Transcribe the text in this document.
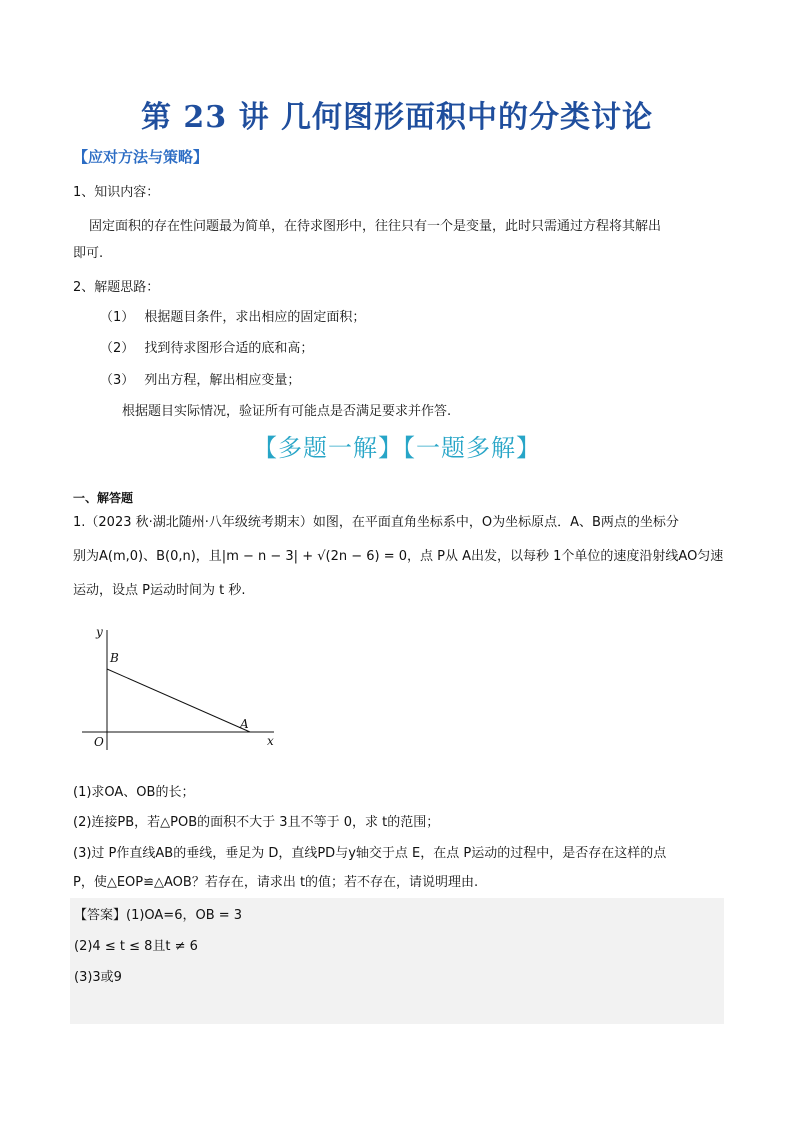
第 23 讲 几何图形面积中的分类讨论
【应对方法与策略】
1、知识内容：
固定面积的存在性问题最为简单，在待求图形中，往往只有一个是变量，此时只需通过方程将其解出
即可.
2、解题思路：
（1） 根据题目条件，求出相应的固定面积；
（2） 找到待求图形合适的底和高；
（3） 列出方程，解出相应变量；
根据题目实际情况，验证所有可能点是否满足要求并作答.
【多题一解】【一题多解】
一、解答题
1.（2023 秋·湖北随州·八年级统考期末）如图，在平面直角坐标系中，O为坐标原点．A、B两点的坐标分
别为A(m,0)、B(0,n)，且|m − n − 3| + √(2n − 6) = 0，点 P从 A出发，以每秒 1个单位的速度沿射线AO匀速
运动，设点 P运动时间为 t 秒.
y
x
O
A
B
(1)求OA、OB的长；
(2)连接PB，若△POB的面积不大于 3且不等于 0，求 t的范围；
(3)过 P作直线AB的垂线，垂足为 D，直线PD与y轴交于点 E，在点 P运动的过程中，是否存在这样的点
P，使△EOP≌△AOB？若存在，请求出 t的值；若不存在，请说明理由.
【答案】(1)OA=6，OB = 3
(2)4 ≤ t ≤ 8且t ≠ 6
(3)3或9
